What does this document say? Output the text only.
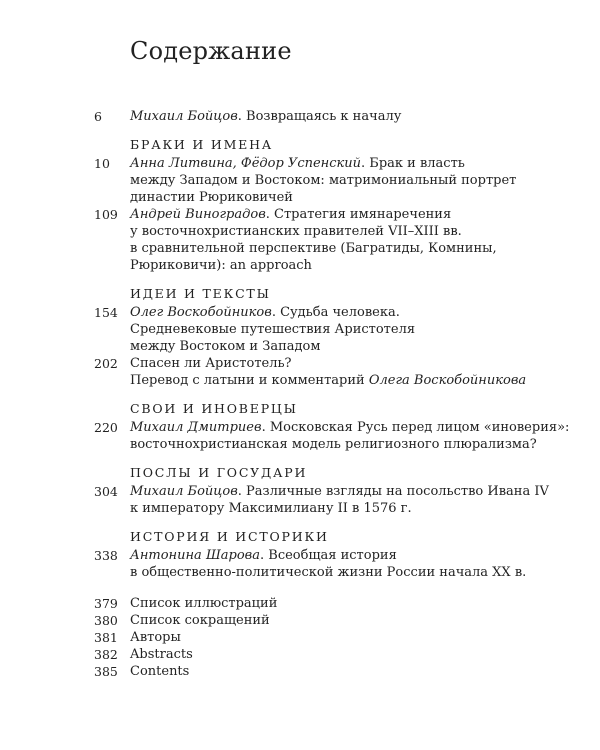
Содержание
6 Михаил Бойцов. Возвращаясь к началу
БРАКИ И ИМЕНА
10 Анна Литвина, Фёдор Успенский. Брак и власть
между Западом и Востоком: матримониальный портрет
династии Рюриковичей
109 Андрей Виноградов. Стратегия имянаречения
у восточнохристианских правителей VII–XIII вв.
в сравнительной перспективе (Багратиды, Комнины,
Рюриковичи): an approach
ИДЕИ И ТЕКСТЫ
154 Олег Воскобойников. Судьба человека.
Средневековые путешествия Аристотеля
между Востоком и Западом
202 Спасен ли Аристотель?
Перевод с латыни и комментарий Олега Воскобойникова
СВОИ И ИНОВЕРЦЫ
220 Михаил Дмитриев. Московская Русь перед лицом «иноверия»:
восточнохристианская модель религиозного плюрализма?
ПОСЛЫ И ГОСУДАРИ
304 Михаил Бойцов. Различные взгляды на посольство Ивана IV
к императору Максимилиану II в 1576 г.
ИСТОРИЯ И ИСТОРИКИ
338 Антонина Шарова. Всеобщая история
в общественно-политической жизни России начала XX в.
379 Список иллюстраций
380 Список сокращений
381 Авторы
382 Abstracts
385 Contents
